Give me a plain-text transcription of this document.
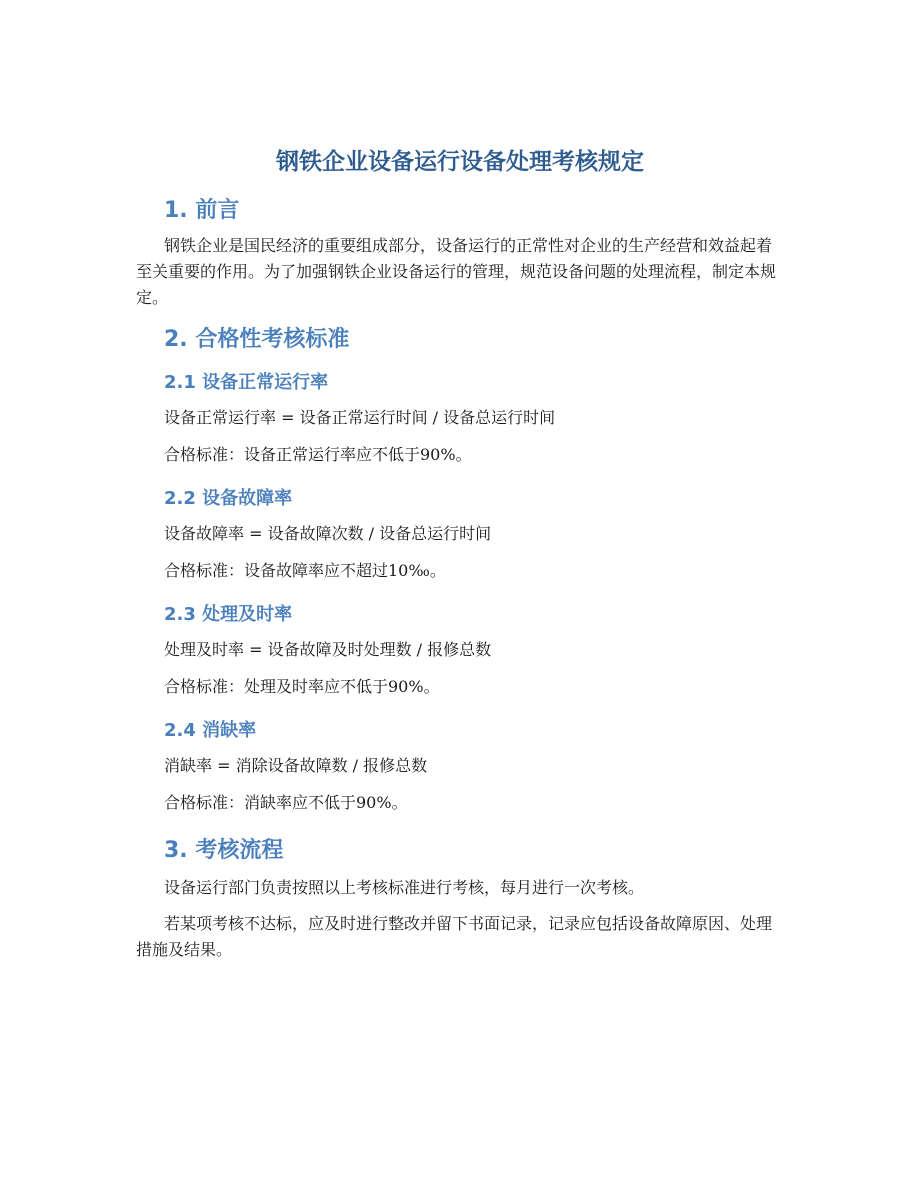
钢铁企业设备运行设备处理考核规定
1. 前言

钢铁企业是国民经济的重要组成部分，设备运行的正常性对企业的生产经营和效益起着至关重要的作用。为了加强钢铁企业设备运行的管理，规范设备问题的处理流程，制定本规定。

2. 合格性考核标准
2.1 设备正常运行率

设备正常运行率 = 设备正常运行时间 / 设备总运行时间

合格标准：设备正常运行率应不低于90%。

2.2 设备故障率

设备故障率 = 设备故障次数 / 设备总运行时间

合格标准：设备故障率应不超过10‰。

2.3 处理及时率

处理及时率 = 设备故障及时处理数 / 报修总数

合格标准：处理及时率应不低于90%。

2.4 消缺率

消缺率 = 消除设备故障数 / 报修总数

合格标准：消缺率应不低于90%。

3. 考核流程

设备运行部门负责按照以上考核标准进行考核，每月进行一次考核。

若某项考核不达标，应及时进行整改并留下书面记录，记录应包括设备故障原因、处理措施及结果。
